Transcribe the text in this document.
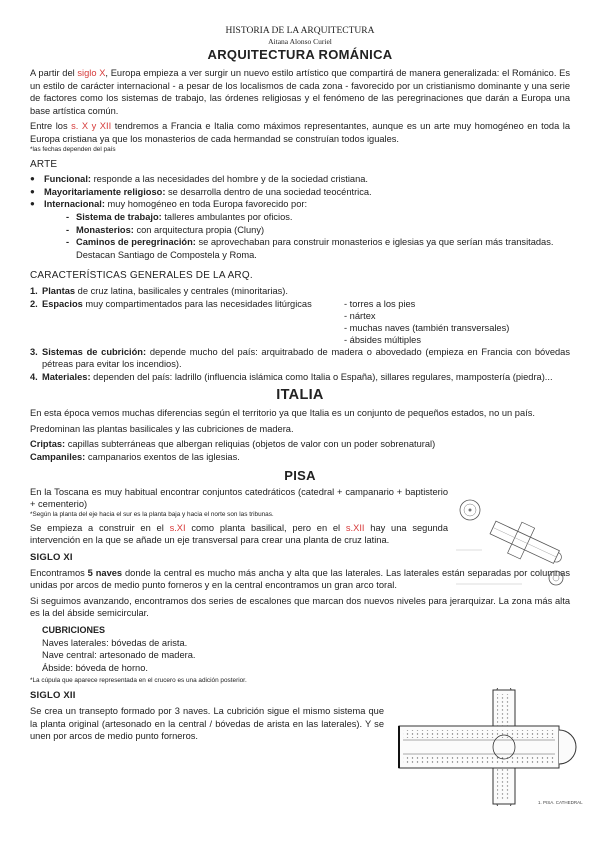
HISTORIA DE LA ARQUITECTURA
Aitana Alonso Curiel
ARQUITECTURA ROMÁNICA

A partir del siglo X, Europa empieza a ver surgir un nuevo estilo artístico que compartirá de manera generalizada: el Románico. Es un estilo de carácter internacional - a pesar de los localismos de cada zona - favorecido por un cristianismo dominante y una serie de factores como los sistemas de trabajo, las órdenes religiosas y el fenómeno de las peregrinaciones que darán a Europa una base artística común.

Entre los s. X y XII tendremos a Francia e Italia como máximos representantes, aunque es un arte muy homogéneo en toda la Europa cristiana ya que los monasterios de cada hermandad se construían todos iguales.

*las fechas dependen del país
ARTE
● Funcional: responde a las necesidades del hombre y de la sociedad cristiana.
● Mayoritariamente religioso: se desarrolla dentro de una sociedad teocéntrica.
● Internacional: muy homogéneo en toda Europa favorecido por:
- Sistema de trabajo: talleres ambulantes por oficios.
- Monasterios: con arquitectura propia (Cluny)
- Caminos de peregrinación: se aprovechaban para construir monasterios e iglesias ya que serían más transitadas. Destacan Santiago de Compostela y Roma.
CARACTERÍSTICAS GENERALES DE LA ARQ.
1. Plantas de cruz latina, basilicales y centrales (minoritarias).
2. Espacios muy compartimentados para las necesidades litúrgicas	- torres a los pies
- nártex
- muchas naves (también transversales)
- ábsides múltiples
3. Sistemas de cubrición: depende mucho del país: arquitrabado de madera o abovedado (empieza en Francia con bóvedas pétreas para evitar los incendios).
4. Materiales: dependen del país: ladrillo (influencia islámica como Italia o España), sillares regulares, mampostería (piedra)...
ITALIA

En esta época vemos muchas diferencias según el territorio ya que Italia es un conjunto de pequeños estados, no un país.

Predominan las plantas basilicales y las cubriciones de madera.

Criptas: capillas subterráneas que albergan reliquias (objetos de valor con un poder sobrenatural)
Campaniles: campanarios exentos de las iglesias.
PISA

En la Toscana es muy habitual encontrar conjuntos catedráticos (catedral + campanario + baptisterio + cementerio)

*Según la planta del eje hacia el sur es la planta baja y hacia el norte son las tribunas.

Se empieza a construir en el s.XI como planta basilical, pero en el s.XII hay una segunda intervención en la que se añade un eje transversal para crear una planta de cruz latina.

SIGLO XI

Encontramos 5 naves donde la central es mucho más ancha y alta que las laterales. Las laterales están separadas por columnas unidas por arcos de medio punto forneros y en la central encontramos un gran arco toral.

Si seguimos avanzando, encontramos dos series de escalones que marcan dos nuevos niveles para jerarquizar. La zona más alta es la del ábside semicircular.

CUBRICIONES
Naves laterales: bóvedas de arista.
Nave central: artesonado de madera.
Ábside: bóveda de horno.
*La cúpula que aparece representada en el crucero es una adición posterior.
SIGLO XII

Se crea un transepto formado por 3 naves. La cubrición sigue el mismo sistema que la planta original (artesonado en la central / bóvedas de arista en las laterales). Y se unen por arcos de medio punto forneros.

1. PISA. CATHEDRAL
